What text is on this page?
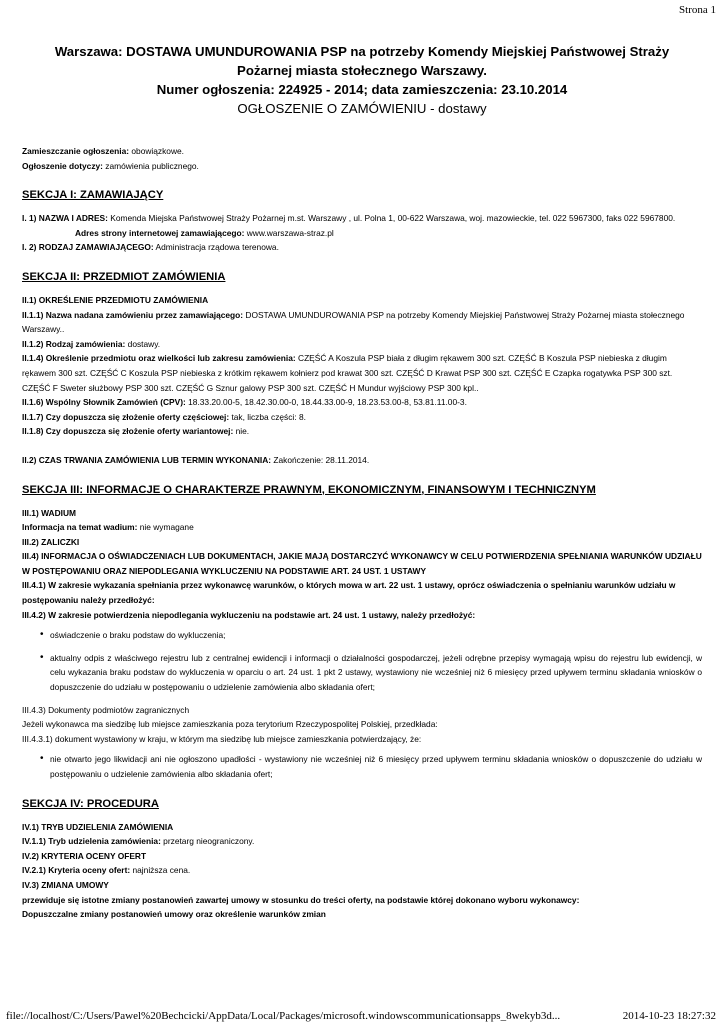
Strona 1
Warszawa: DOSTAWA UMUNDUROWANIA PSP na potrzeby Komendy Miejskiej Państwowej Straży
Pożarnej miasta stołecznego Warszawy.
Numer ogłoszenia: 224925 - 2014; data zamieszczenia: 23.10.2014
OGŁOSZENIE O ZAMÓWIENIU - dostawy

Zamieszczanie ogłoszenia: obowiązkowe.

Ogłoszenie dotyczy: zamówienia publicznego.

SEKCJA I: ZAMAWIAJĄCY

I. 1) NAZWA I ADRES: Komenda Miejska Państwowej Straży Pożarnej m.st. Warszawy , ul. Polna 1, 00-622 Warszawa, woj. mazowieckie, tel. 022 5967300, faks 022 5967800.

Adres strony internetowej zamawiającego: www.warszawa-straz.pl

I. 2) RODZAJ ZAMAWIAJĄCEGO: Administracja rządowa terenowa.

SEKCJA II: PRZEDMIOT ZAMÓWIENIA

II.1) OKREŚLENIE PRZEDMIOTU ZAMÓWIENIA

II.1.1) Nazwa nadana zamówieniu przez zamawiającego: DOSTAWA UMUNDUROWANIA PSP na potrzeby Komendy Miejskiej Państwowej Straży Pożarnej miasta stołecznego Warszawy..

II.1.2) Rodzaj zamówienia: dostawy.

II.1.4) Określenie przedmiotu oraz wielkości lub zakresu zamówienia: CZĘŚĆ A Koszula PSP biała z długim rękawem 300 szt. CZĘŚĆ B Koszula PSP niebieska z długim rękawem 300 szt. CZĘŚĆ C Koszula PSP niebieska z krótkim rękawem kołnierz pod krawat 300 szt. CZĘŚĆ D Krawat PSP 300 szt. CZĘŚĆ E Czapka rogatywka PSP 300 szt. CZĘŚĆ F Sweter służbowy PSP 300 szt. CZĘŚĆ G Sznur galowy PSP 300 szt. CZĘŚĆ H Mundur wyjściowy PSP 300 kpl..

II.1.6) Wspólny Słownik Zamówień (CPV): 18.33.20.00-5, 18.42.30.00-0, 18.44.33.00-9, 18.23.53.00-8, 53.81.11.00-3.

II.1.7) Czy dopuszcza się złożenie oferty częściowej: tak, liczba części: 8.

II.1.8) Czy dopuszcza się złożenie oferty wariantowej: nie.

II.2) CZAS TRWANIA ZAMÓWIENIA LUB TERMIN WYKONANIA: Zakończenie: 28.11.2014.

SEKCJA III: INFORMACJE O CHARAKTERZE PRAWNYM, EKONOMICZNYM, FINANSOWYM I TECHNICZNYM

III.1) WADIUM

Informacja na temat wadium: nie wymagane

III.2) ZALICZKI

III.4) INFORMACJA O OŚWIADCZENIACH LUB DOKUMENTACH, JAKIE MAJĄ DOSTARCZYĆ WYKONAWCY W CELU POTWIERDZENIA SPEŁNIANIA WARUNKÓW UDZIAŁU W POSTĘPOWANIU ORAZ NIEPODLEGANIA WYKLUCZENIU NA PODSTAWIE ART. 24 UST. 1 USTAWY

III.4.1) W zakresie wykazania spełniania przez wykonawcę warunków, o których mowa w art. 22 ust. 1 ustawy, oprócz oświadczenia o spełnianiu warunków udziału w postępowaniu należy przedłożyć:

III.4.2) W zakresie potwierdzenia niepodlegania wykluczeniu na podstawie art. 24 ust. 1 ustawy, należy przedłożyć:

• oświadczenie o braku podstaw do wykluczenia;
• aktualny odpis z właściwego rejestru lub z centralnej ewidencji i informacji o działalności gospodarczej, jeżeli odrębne przepisy wymagają wpisu do rejestru lub ewidencji, w celu wykazania braku podstaw do wykluczenia w oparciu o art. 24 ust. 1 pkt 2 ustawy, wystawiony nie wcześniej niż 6 miesięcy przed upływem terminu składania wniosków o dopuszczenie do udziału w postępowaniu o udzielenie zamówienia albo składania ofert;

III.4.3) Dokumenty podmiotów zagranicznych

Jeżeli wykonawca ma siedzibę lub miejsce zamieszkania poza terytorium Rzeczypospolitej Polskiej, przedkłada:

III.4.3.1) dokument wystawiony w kraju, w którym ma siedzibę lub miejsce zamieszkania potwierdzający, że:

• nie otwarto jego likwidacji ani nie ogłoszono upadłości - wystawiony nie wcześniej niż 6 miesięcy przed upływem terminu składania wniosków o dopuszczenie do udziału w postępowaniu o udzielenie zamówienia albo składania ofert;
SEKCJA IV: PROCEDURA

IV.1) TRYB UDZIELENIA ZAMÓWIENIA

IV.1.1) Tryb udzielenia zamówienia: przetarg nieograniczony.

IV.2) KRYTERIA OCENY OFERT

IV.2.1) Kryteria oceny ofert: najniższa cena.

IV.3) ZMIANA UMOWY

przewiduje się istotne zmiany postanowień zawartej umowy w stosunku do treści oferty, na podstawie której dokonano wyboru wykonawcy:

Dopuszczalne zmiany postanowień umowy oraz określenie warunków zmian

file://localhost/C:/Users/Pawel%20Bechcicki/AppData/Local/Packages/microsoft.windowscommunicationsapps_8wekyb3d...	2014-10-23 18:27:32
